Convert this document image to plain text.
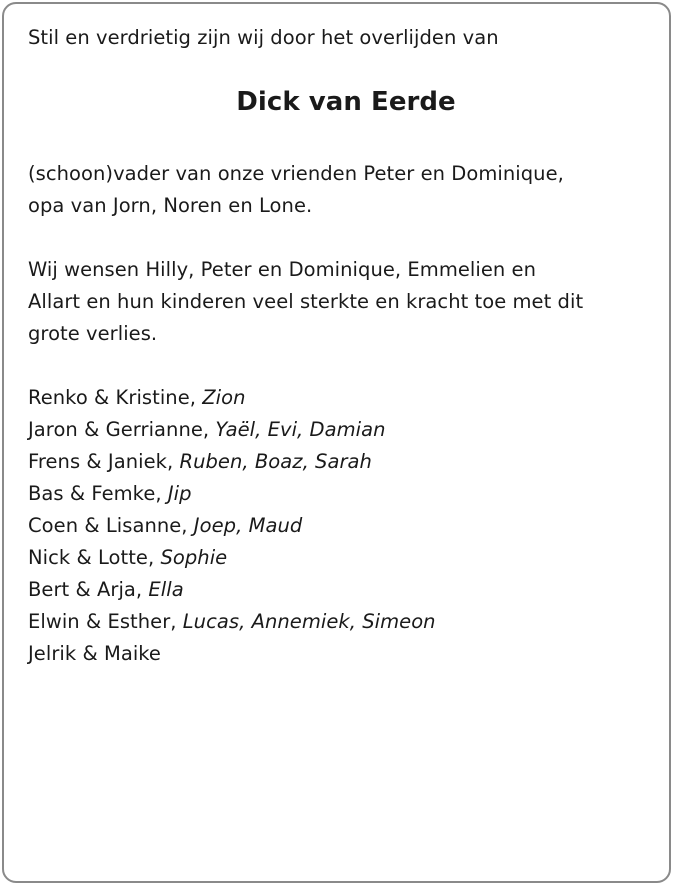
Stil en verdrietig zijn wij door het overlijden van

Dick van Eerde
(schoon)vader van onze vrienden Peter en Dominique,
opa van Jorn, Noren en Lone.
Wij wensen Hilly, Peter en Dominique, Emmelien en
Allart en hun kinderen veel sterkte en kracht toe met dit
grote verlies.
Renko & Kristine, Zion
Jaron & Gerrianne, Yaël, Evi, Damian
Frens & Janiek, Ruben, Boaz, Sarah
Bas & Femke, Jip
Coen & Lisanne, Joep, Maud
Nick & Lotte, Sophie
Bert & Arja, Ella
Elwin & Esther, Lucas, Annemiek, Simeon
Jelrik & Maike
